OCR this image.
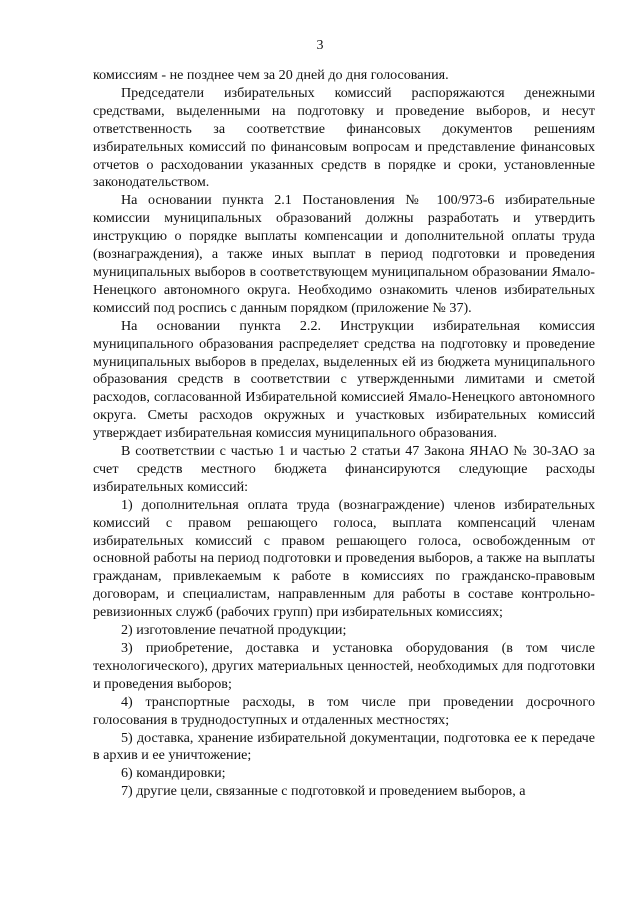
3

комиссиям - не позднее чем за 20 дней до дня голосования.

Председатели избирательных комиссий распоряжаются денежными средствами, выделенными на подготовку и проведение выборов, и несут ответственность за соответствие финансовых документов решениям избирательных комиссий по финансовым вопросам и представление финансовых отчетов о расходовании указанных средств в порядке и сроки, установленные законодательством.

На основании пункта 2.1 Постановления № 100/973-6 избирательные комиссии муниципальных образований должны разработать и утвердить инструкцию о порядке выплаты компенсации и дополнительной оплаты труда (вознаграждения), а также иных выплат в период подготовки и проведения муниципальных выборов в соответствующем муниципальном образовании Ямало-Ненецкого автономного округа. Необходимо ознакомить членов избирательных комиссий под роспись с данным порядком (приложение № 37).

На основании пункта 2.2. Инструкции избирательная комиссия муниципального образования распределяет средства на подготовку и проведение муниципальных выборов в пределах, выделенных ей из бюджета муниципального образования средств в соответствии с утвержденными лимитами и сметой расходов, согласованной Избирательной комиссией Ямало-Ненецкого автономного округа. Сметы расходов окружных и участковых избирательных комиссий утверждает избирательная комиссия муниципального образования.

В соответствии с частью 1 и частью 2 статьи 47 Закона ЯНАО № 30-ЗАО за счет средств местного бюджета финансируются следующие расходы избирательных комиссий:

1) дополнительная оплата труда (вознаграждение) членов избирательных комиссий с правом решающего голоса, выплата компенсаций членам избирательных комиссий с правом решающего голоса, освобожденным от основной работы на период подготовки и проведения выборов, а также на выплаты гражданам, привлекаемым к работе в комиссиях по гражданско-правовым договорам, и специалистам, направленным для работы в составе контрольно-ревизионных служб (рабочих групп) при избирательных комиссиях;

2) изготовление печатной продукции;

3) приобретение, доставка и установка оборудования (в том числе технологического), других материальных ценностей, необходимых для подготовки и проведения выборов;

4) транспортные расходы, в том числе при проведении досрочного голосования в труднодоступных и отдаленных местностях;

5) доставка, хранение избирательной документации, подготовка ее к передаче в архив и ее уничтожение;

6) командировки;

7) другие цели, связанные с подготовкой и проведением выборов, а
